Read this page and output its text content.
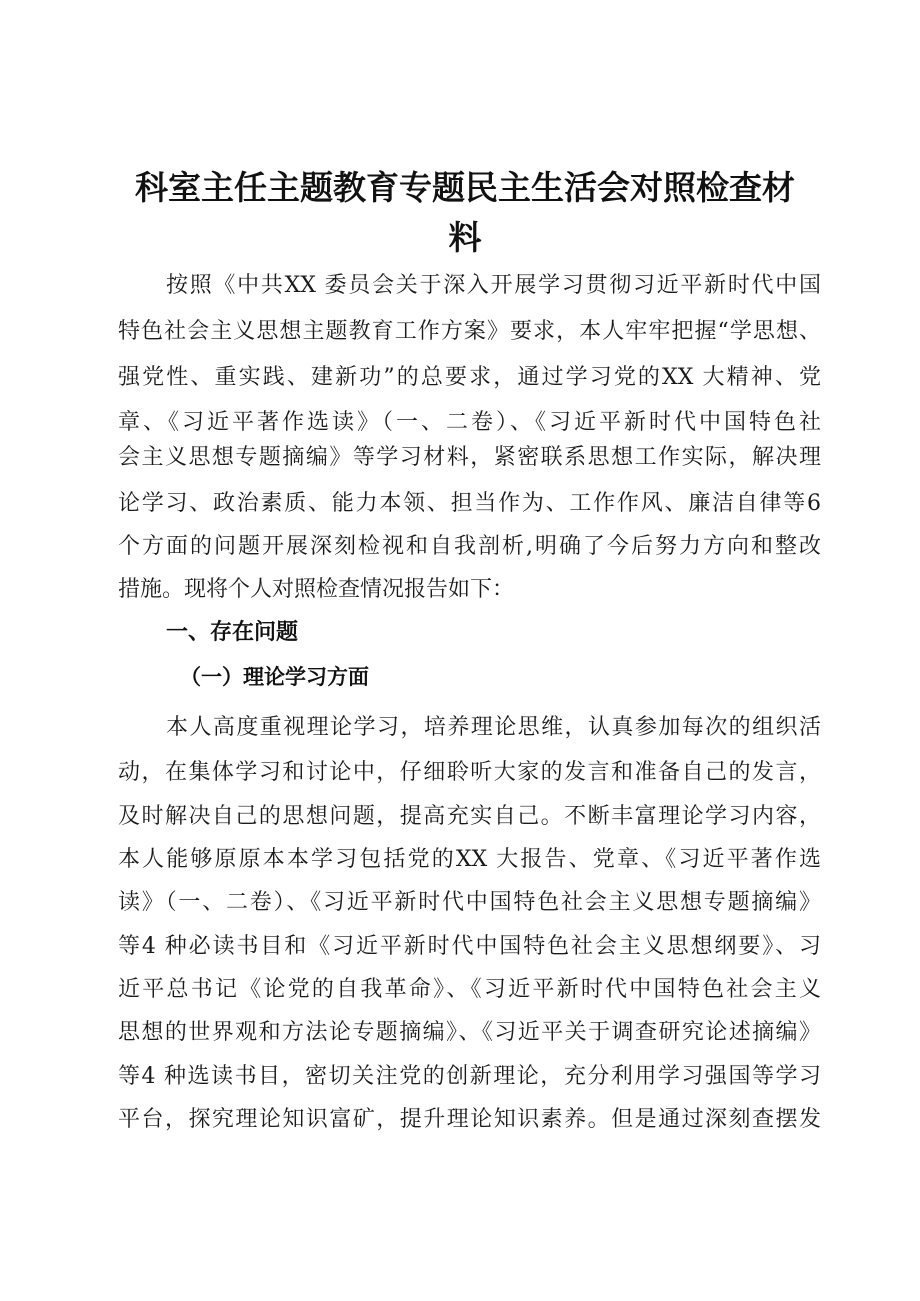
科室主任主题教育专题民主生活会对照检查材
料

按照《中共XX 委员会关于深入开展学习贯彻习近平新时代中国

特色社会主义思想主题教育工作方案》要求，本人牢牢把握“学思想、

强党性、重实践、建新功”的总要求，通过学习党的XX 大精神、党

章、《习近平著作选读》（一、二卷）、《习近平新时代中国特色社

会主义思想专题摘编》等学习材料，紧密联系思想工作实际，解决理

论学习、政治素质、能力本领、担当作为、工作作风、廉洁自律等6

个方面的问题开展深刻检视和自我剖析,明确了今后努力方向和整改

措施。现将个人对照检查情况报告如下：

一、存在问题
（一）理论学习方面

本人高度重视理论学习，培养理论思维，认真参加每次的组织活

动，在集体学习和讨论中，仔细聆听大家的发言和准备自己的发言，

及时解决自己的思想问题，提高充实自己。不断丰富理论学习内容，

本人能够原原本本学习包括党的XX 大报告、党章、《习近平著作选

读》（一、二卷）、《习近平新时代中国特色社会主义思想专题摘编》

等4 种必读书目和《习近平新时代中国特色社会主义思想纲要》、习

近平总书记《论党的自我革命》、《习近平新时代中国特色社会主义

思想的世界观和方法论专题摘编》、《习近平关于调查研究论述摘编》

等4 种选读书目，密切关注党的创新理论，充分利用学习强国等学习

平台，探究理论知识富矿，提升理论知识素养。但是通过深刻查摆发
